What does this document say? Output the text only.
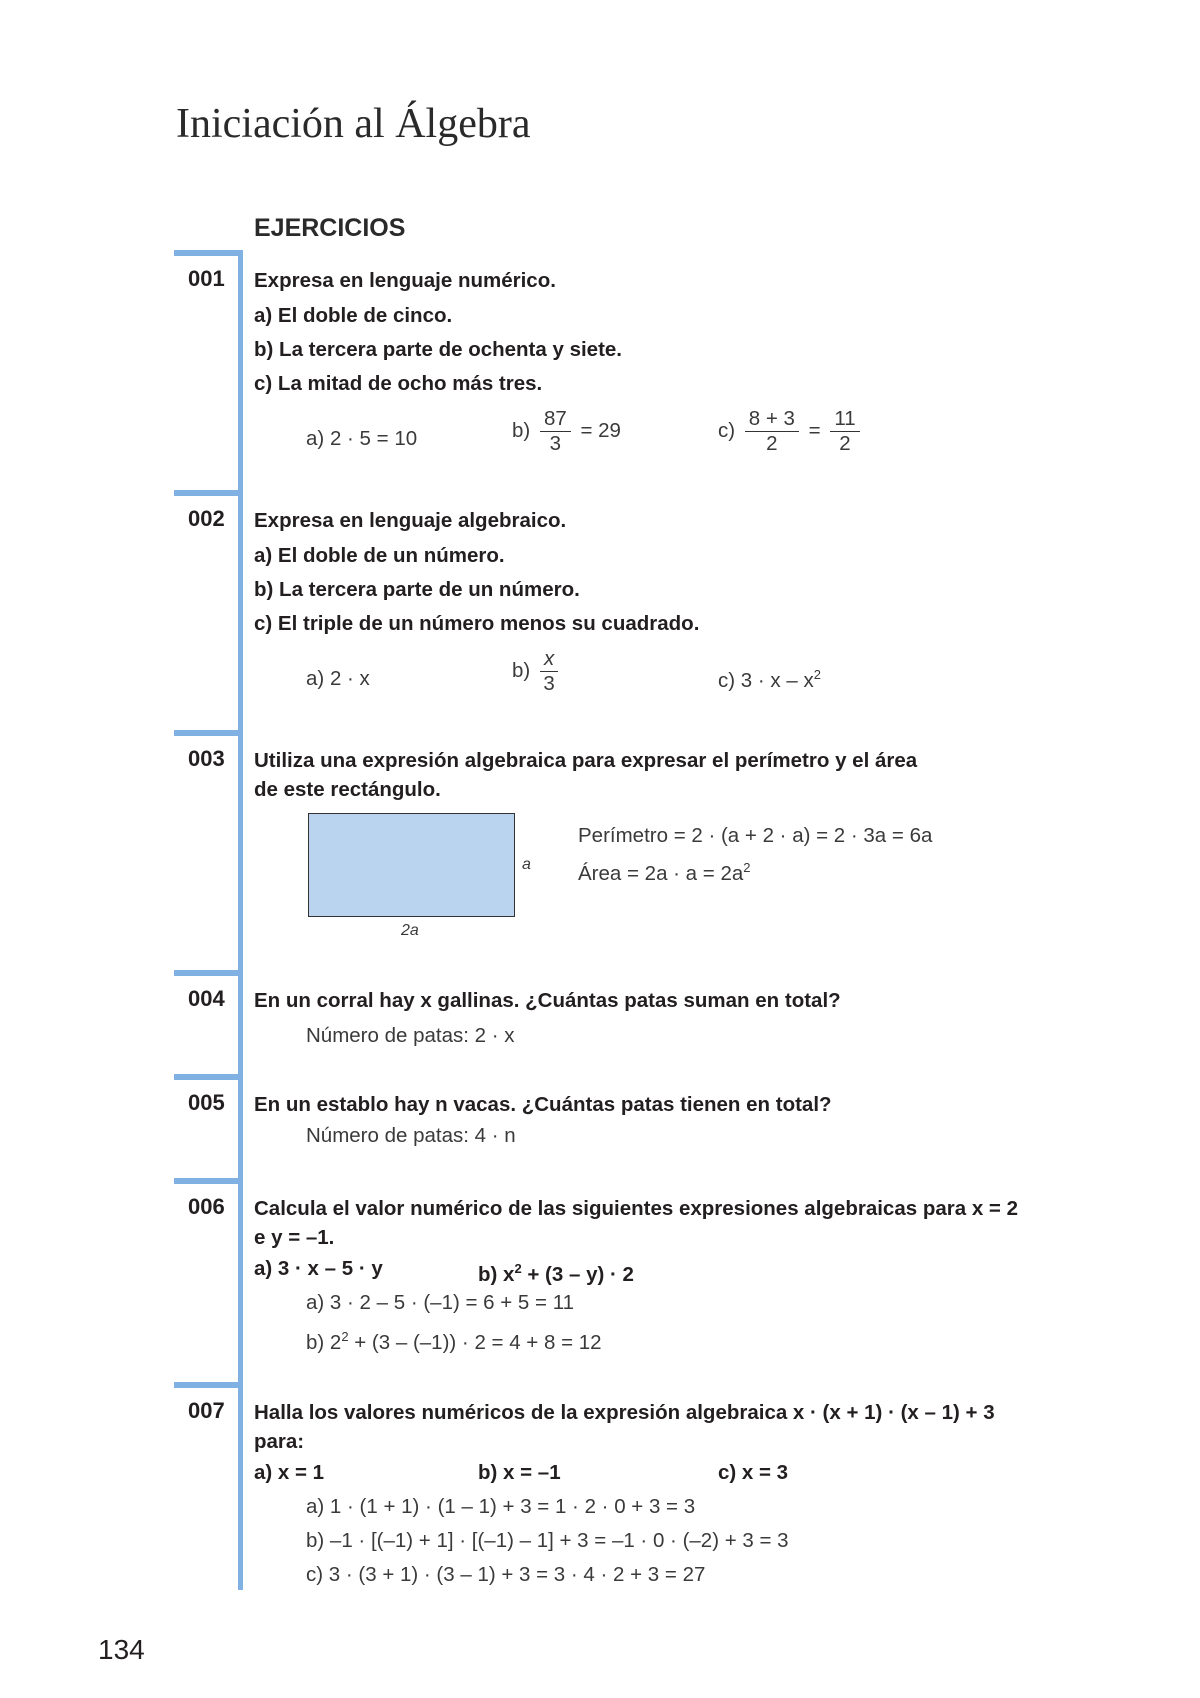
Iniciación al Álgebra
EJERCICIOS
001 Expresa en lenguaje numérico.
a) El doble de cinco.
b) La tercera parte de ochenta y siete.
c) La mitad de ocho más tres.
a) 2 · 5 = 10	$b) \frac{87}{3} = 29$	$c) \frac{8 + 3}{2} = \frac{11}{2}$
002 Expresa en lenguaje algebraico.
a) El doble de un número.
b) La tercera parte de un número.
c) El triple de un número menos su cuadrado.
a) 2 · x	$b) \frac{x}{3}$	c) $3 \cdot x - x^2$
003 Utiliza una expresión algebraica para expresar el perímetro y el área
de este rectángulo.
a
2a
Perímetro = 2 · (a + 2 · a) = 2 · 3a = 6a
Área = $2a \cdot a = 2a^2$
004 En un corral hay x gallinas. ¿Cuántas patas suman en total?
Número de patas: 2 · x
005 En un establo hay n vacas. ¿Cuántas patas tienen en total?
Número de patas: 4 · n
006 Calcula el valor numérico de las siguientes expresiones algebraicas para x = 2
e y = –1.
a) 3 · x – 5 · y	b) $x^2 + (3 - y) \cdot 2$
a) 3 · 2 – 5 · (–1) = 6 + 5 = 11
b) $2^2 + (3 - (-1)) \cdot 2 = 4 + 8 = 12$
007 Halla los valores numéricos de la expresión algebraica x · (x + 1) · (x – 1) + 3
para:
a) x = 1	b) x = –1	c) x = 3
a) 1 · (1 + 1) · (1 – 1) + 3 = 1 · 2 · 0 + 3 = 3
b) –1 · [(–1) + 1] · [(–1) – 1] + 3 = –1 · 0 · (–2) + 3 = 3
c) 3 · (3 + 1) · (3 – 1) + 3 = 3 · 4 · 2 + 3 = 27
134
